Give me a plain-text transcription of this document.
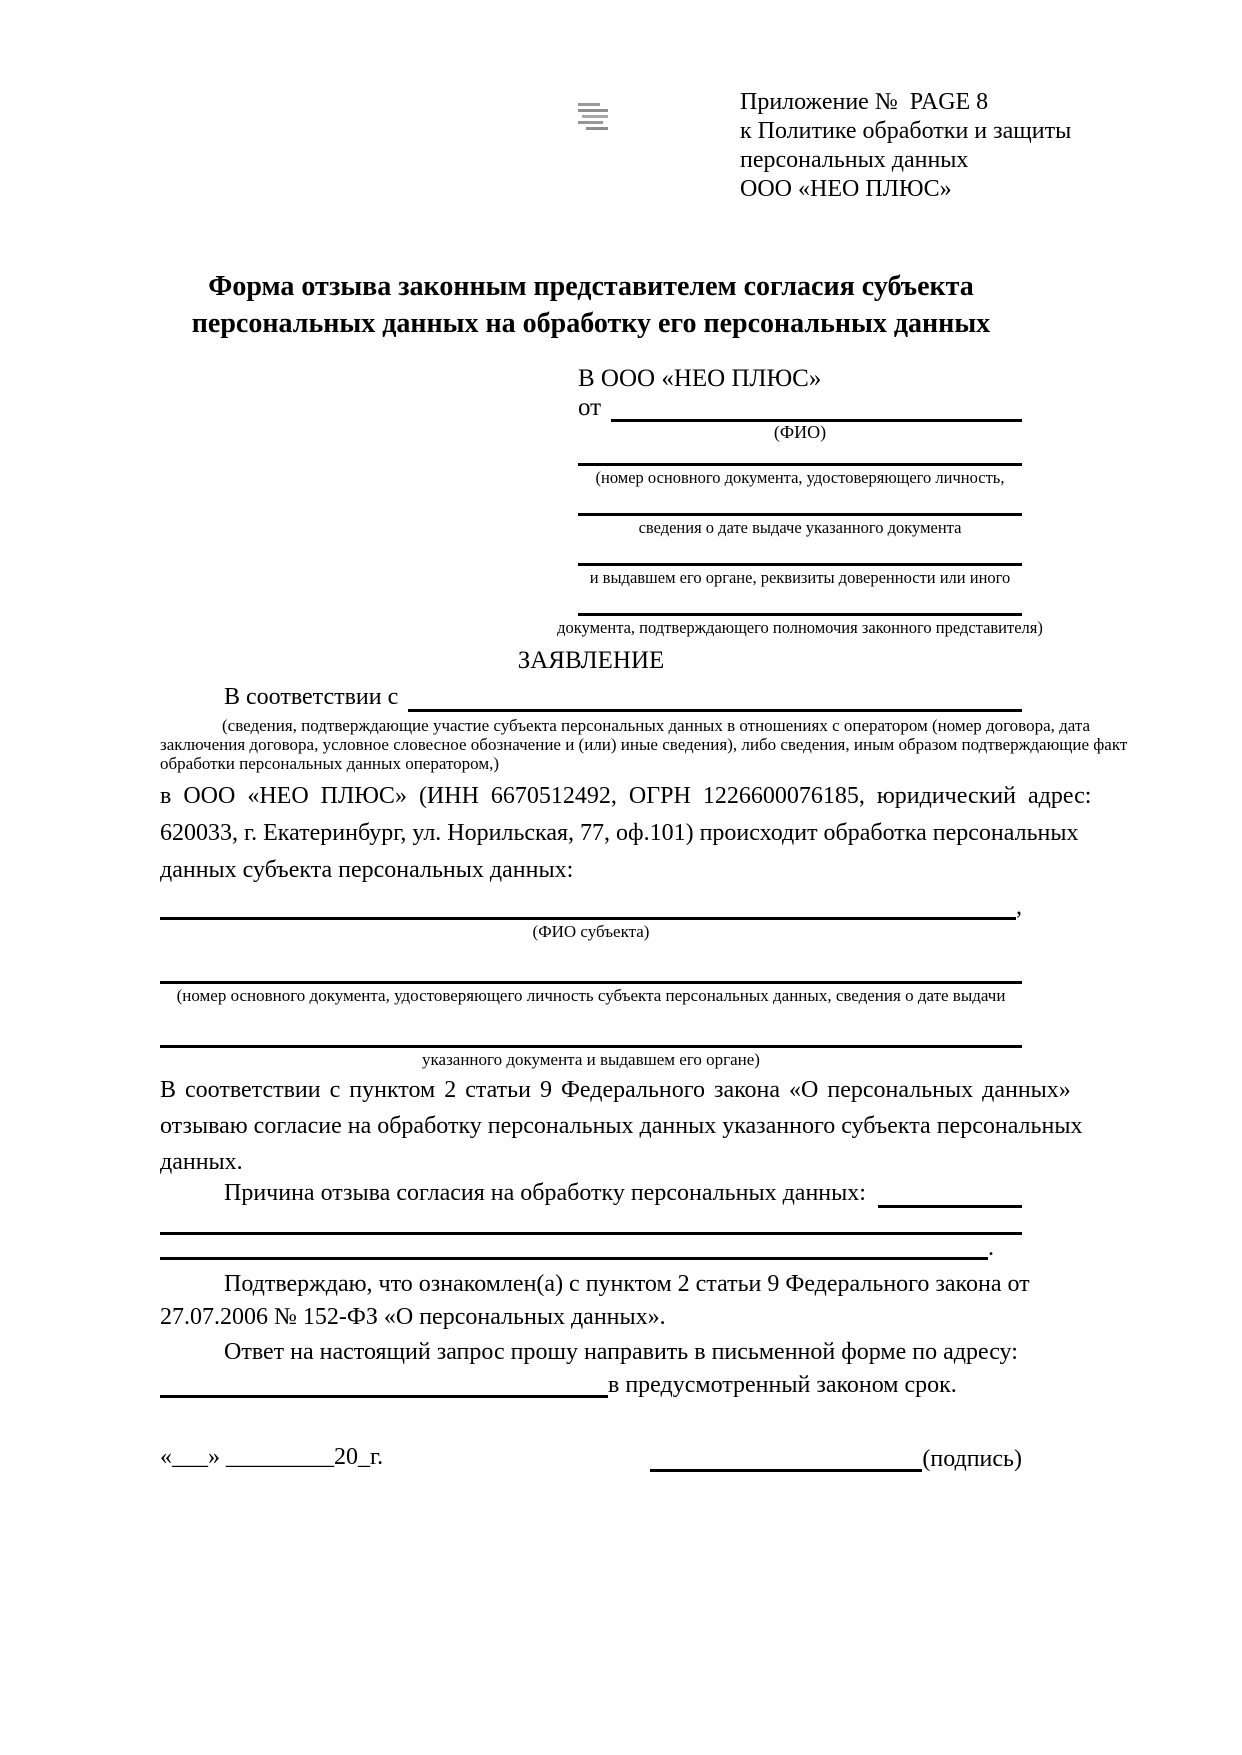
Приложение №  PAGE 8
к Политике обработки и защиты
персональных данных
ООО «НЕО ПЛЮС»
Форма отзыва законным представителем согласия субъекта
персональных данных на обработку его персональных данных
В ООО «НЕО ПЛЮС»
от
(ФИО)
(номер основного документа, удостоверяющего личность,
сведения о дате выдаче указанного документа
и выдавшем его органе, реквизиты доверенности или иного
документа, подтверждающего полномочия законного представителя)
ЗАЯВЛЕНИЕ
В соответствии с
(сведения, подтверждающие участие субъекта персональных данных в отношениях с оператором (номер договора, дата
заключения договора, условное словесное обозначение и (или) иные сведения), либо сведения, иным образом подтверждающие факт
обработки персональных данных оператором,)
в ООО «НЕО ПЛЮС» (ИНН 6670512492, ОГРН 1226600076185, юридический адрес:
620033, г. Екатеринбург, ул. Норильская, 77, оф.101) происходит обработка персональных
данных субъекта персональных данных:
,
(ФИО субъекта)
(номер основного документа, удостоверяющего личность субъекта персональных данных, сведения о дате выдачи
указанного документа и выдавшем его органе)
В соответствии с пунктом 2 статьи 9 Федерального закона «О персональных данных»
отзываю согласие на обработку персональных данных указанного субъекта персональных
данных.
Причина отзыва согласия на обработку персональных данных:
.
Подтверждаю, что ознакомлен(а) с пунктом 2 статьи 9 Федерального закона от
27.07.2006 № 152-ФЗ «О персональных данных».
Ответ на настоящий запрос прошу направить в письменной форме по адресу:
в предусмотренный законом срок.
«___» _________20_г.	(подпись)
